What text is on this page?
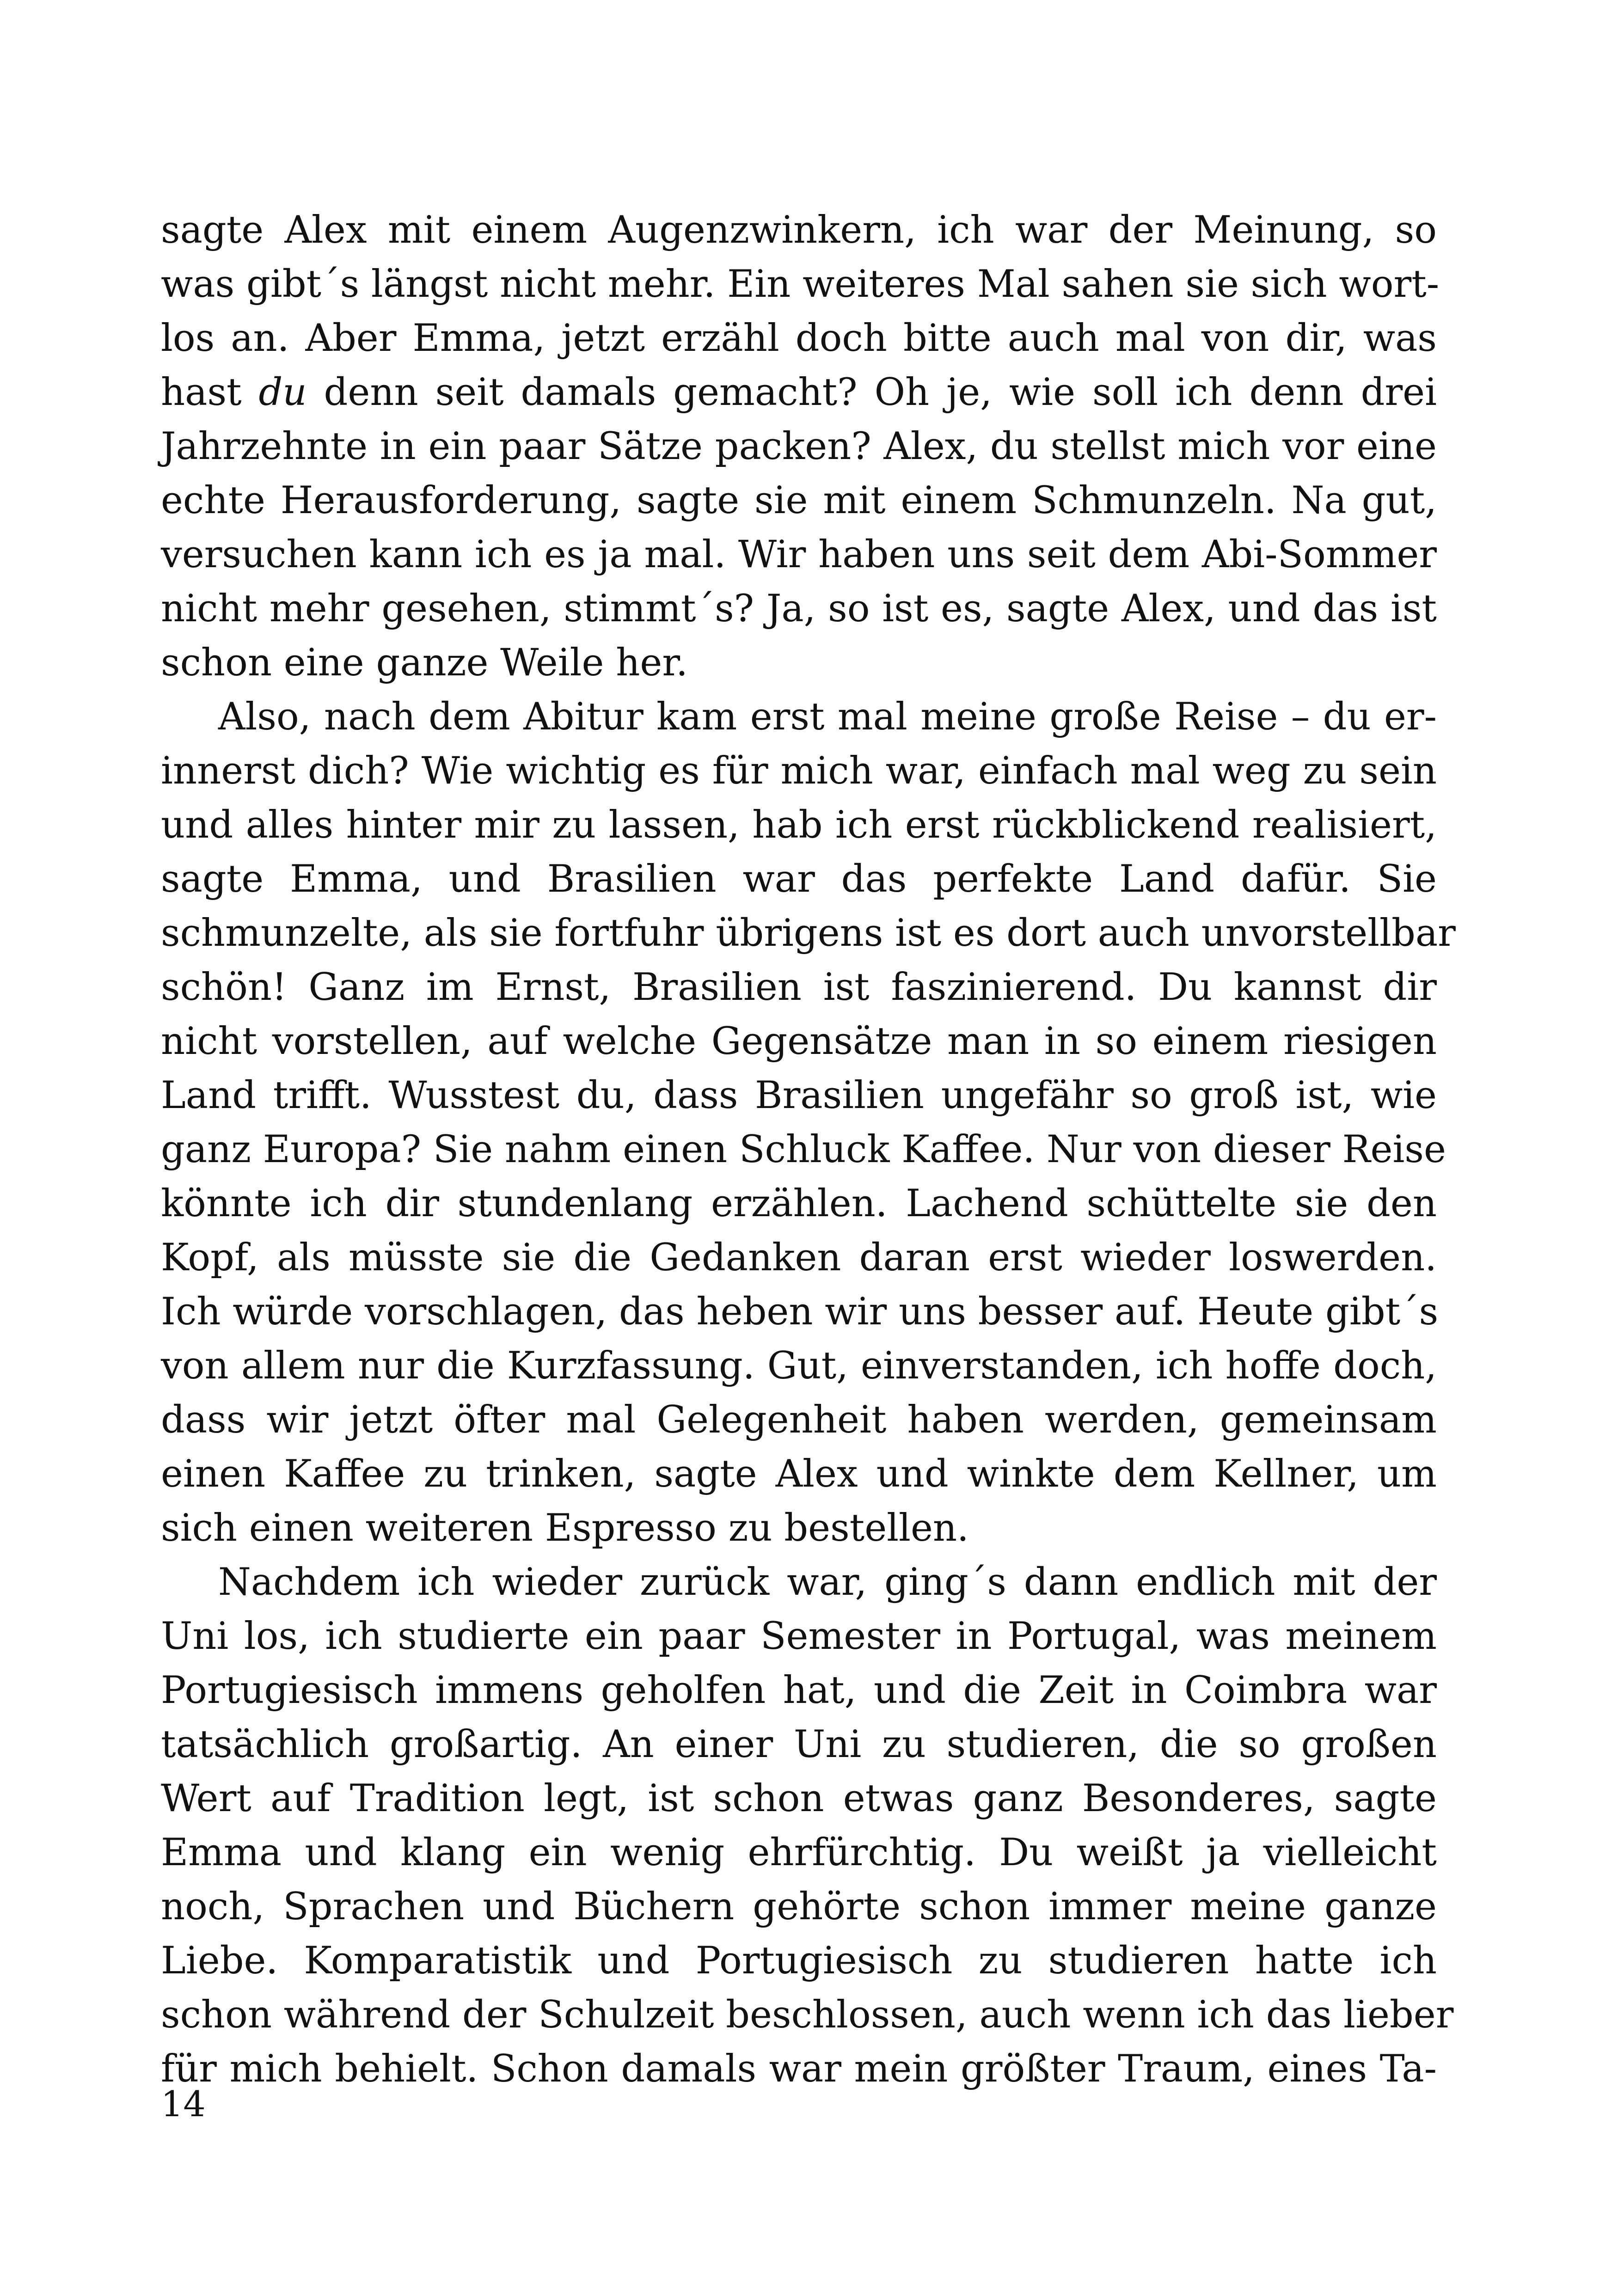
sagte Alex mit einem Augenzwinkern, ich war der Meinung, so
was gibt´s längst nicht mehr. Ein weiteres Mal sahen sie sich wort-
los an. Aber Emma, jetzt erzähl doch bitte auch mal von dir, was
hast du denn seit damals gemacht? Oh je, wie soll ich denn drei
Jahrzehnte in ein paar Sätze packen? Alex, du stellst mich vor eine
echte Herausforderung, sagte sie mit einem Schmunzeln. Na gut,
versuchen kann ich es ja mal. Wir haben uns seit dem Abi-Sommer
nicht mehr gesehen, stimmt´s? Ja, so ist es, sagte Alex, und das ist
schon eine ganze Weile her.
Also, nach dem Abitur kam erst mal meine große Reise – du er-
innerst dich? Wie wichtig es für mich war, einfach mal weg zu sein
und alles hinter mir zu lassen, hab ich erst rückblickend realisiert,
sagte Emma, und Brasilien war das perfekte Land dafür. Sie
schmunzelte, als sie fortfuhr übrigens ist es dort auch unvorstellbar
schön! Ganz im Ernst, Brasilien ist faszinierend. Du kannst dir
nicht vorstellen, auf welche Gegensätze man in so einem riesigen
Land trifft. Wusstest du, dass Brasilien ungefähr so groß ist, wie
ganz Europa? Sie nahm einen Schluck Kaffee. Nur von dieser Reise
könnte ich dir stundenlang erzählen. Lachend schüttelte sie den
Kopf, als müsste sie die Gedanken daran erst wieder loswerden.
Ich würde vorschlagen, das heben wir uns besser auf. Heute gibt´s
von allem nur die Kurzfassung. Gut, einverstanden, ich hoffe doch,
dass wir jetzt öfter mal Gelegenheit haben werden, gemeinsam
einen Kaffee zu trinken, sagte Alex und winkte dem Kellner, um
sich einen weiteren Espresso zu bestellen.
Nachdem ich wieder zurück war, ging´s dann endlich mit der
Uni los, ich studierte ein paar Semester in Portugal, was meinem
Portugiesisch immens geholfen hat, und die Zeit in Coimbra war
tatsächlich großartig. An einer Uni zu studieren, die so großen
Wert auf Tradition legt, ist schon etwas ganz Besonderes, sagte
Emma und klang ein wenig ehrfürchtig. Du weißt ja vielleicht
noch, Sprachen und Büchern gehörte schon immer meine ganze
Liebe. Komparatistik und Portugiesisch zu studieren hatte ich
schon während der Schulzeit beschlossen, auch wenn ich das lieber
für mich behielt. Schon damals war mein größter Traum, eines Ta-
14
